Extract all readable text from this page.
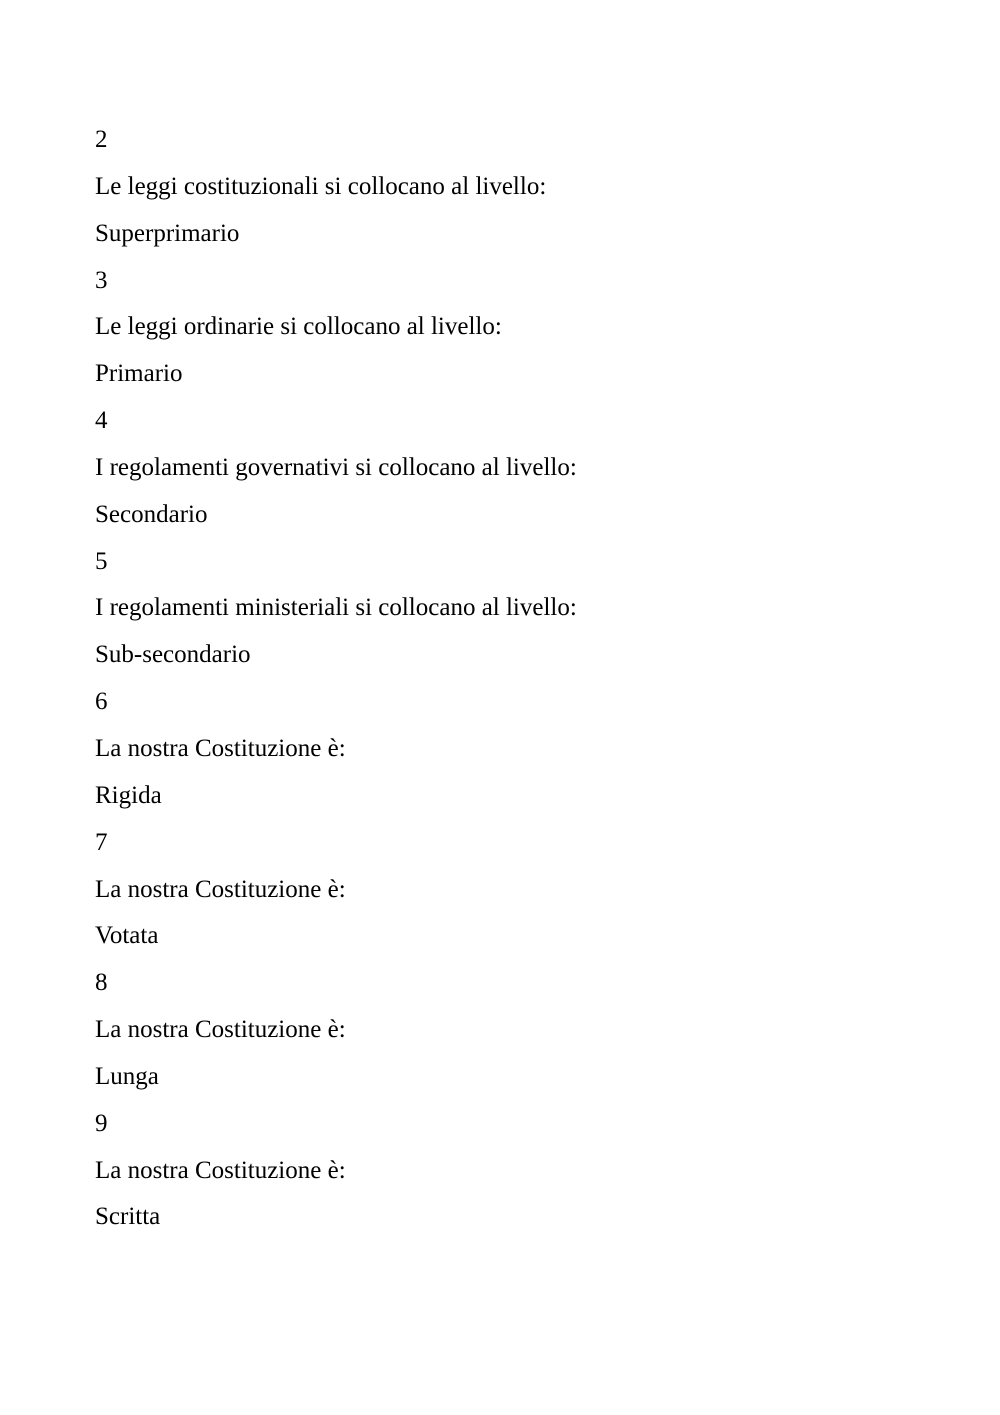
2
Le leggi costituzionali si collocano al livello:
Superprimario
3
Le leggi ordinarie si collocano al livello:
Primario
4
I regolamenti governativi si collocano al livello:
Secondario
5
I regolamenti ministeriali si collocano al livello:
Sub-secondario
6
La nostra Costituzione è:
Rigida
7
La nostra Costituzione è:
Votata
8
La nostra Costituzione è:
Lunga
9
La nostra Costituzione è:
Scritta
